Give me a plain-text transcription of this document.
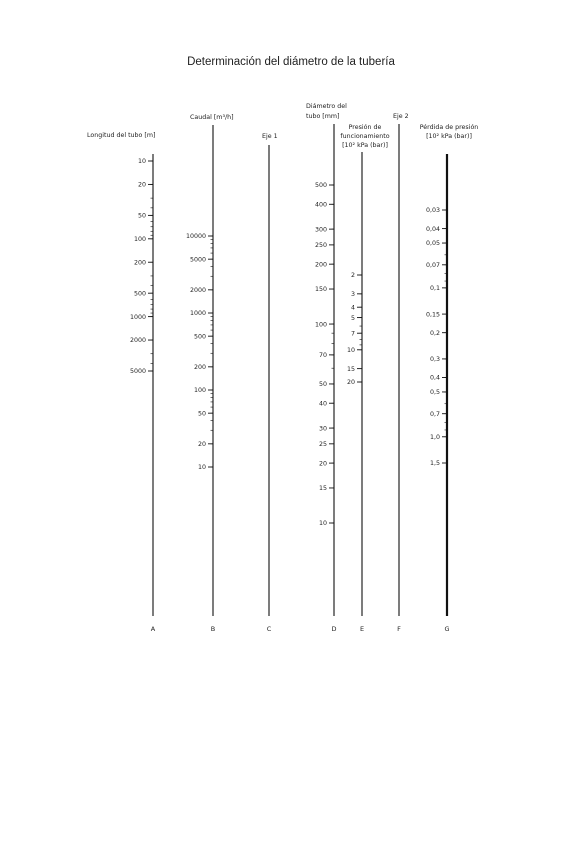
Determinación del diámetro de la tubería
Longitud del tubo [m]
A
10
20
50
100
200
500
1000
2000
5000
Caudal [m³/h]
B
10000
5000
2000
1000
500
200
100
50
20
10
Eje 1
C
Diámetro del
tubo [mm]
D
500
400
300
250
200
150
100
70
50
40
30
25
20
15
10
Presión de
funcionamiento
[10² kPa (bar)]
E
2
3
4
5
7
10
15
20
Eje 2
F
Pérdida de presión
[10² kPa (bar)]
G
0,03
0,04
0,05
0,07
0,1
0,15
0,2
0,3
0,4
0,5
0,7
1,0
1,5
